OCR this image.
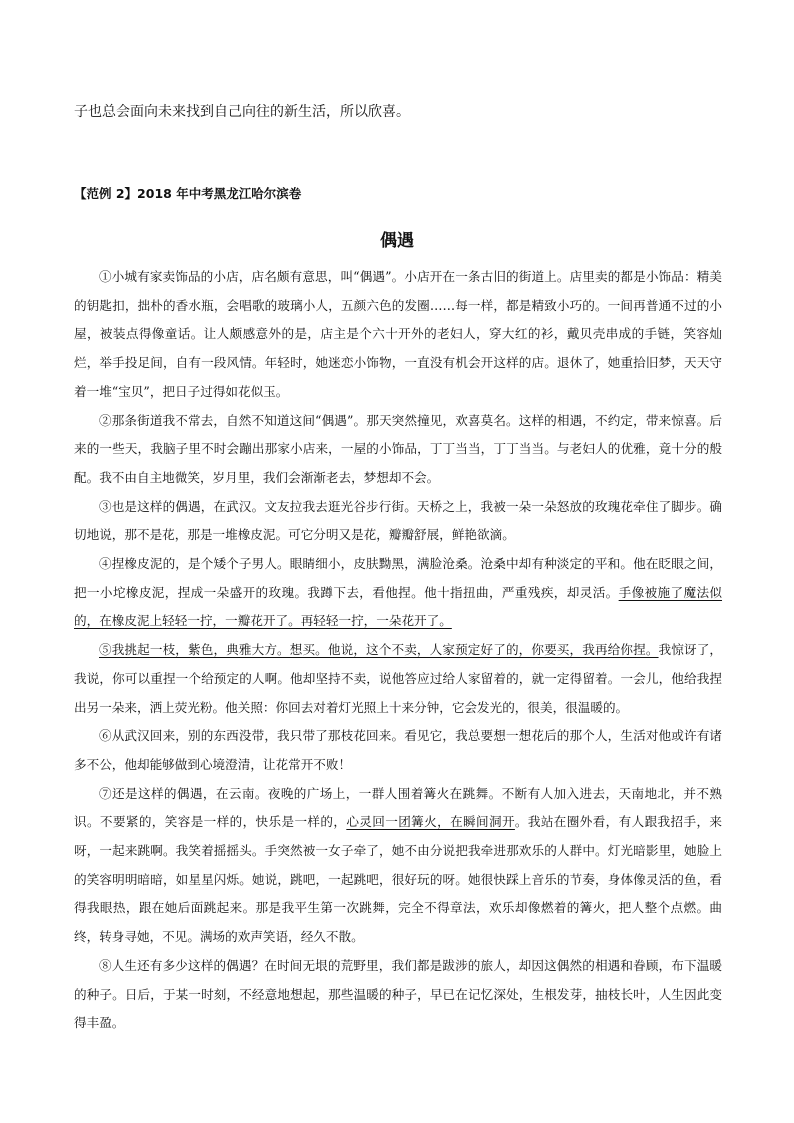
子也总会面向未来找到自己向往的新生活，所以欣喜。
【范例 2】2018 年中考黑龙江哈尔滨卷
偶遇

①小城有家卖饰品的小店，店名颇有意思，叫“偶遇”。小店开在一条古旧的街道上。店里卖的都是小饰品：精美的钥匙扣，拙朴的香水瓶，会唱歌的玻璃小人，五颜六色的发圈……每一样，都是精致小巧的。一间再普通不过的小屋，被装点得像童话。让人颇感意外的是，店主是个六十开外的老妇人，穿大红的衫，戴贝壳串成的手链，笑容灿烂，举手投足间，自有一段风情。年轻时，她迷恋小饰物，一直没有机会开这样的店。退休了，她重拾旧梦，天天守着一堆“宝贝”，把日子过得如花似玉。

②那条街道我不常去，自然不知道这间“偶遇”。那天突然撞见，欢喜莫名。这样的相遇，不约定，带来惊喜。后来的一些天，我脑子里不时会蹦出那家小店来，一屋的小饰品，丁丁当当，丁丁当当。与老妇人的优雅，竟十分的般配。我不由自主地微笑，岁月里，我们会渐渐老去，梦想却不会。

③也是这样的偶遇，在武汉。文友拉我去逛光谷步行街。天桥之上，我被一朵一朵怒放的玫瑰花牵住了脚步。确切地说，那不是花，那是一堆橡皮泥。可它分明又是花，瓣瓣舒展，鲜艳欲滴。

④捏橡皮泥的，是个矮个子男人。眼睛细小，皮肤黝黑，满脸沧桑。沧桑中却有种淡定的平和。他在眨眼之间，把一小坨橡皮泥，捏成一朵盛开的玫瑰。我蹲下去，看他捏。他十指扭曲，严重残疾，却灵活。手像被施了魔法似的，在橡皮泥上轻轻一拧，一瓣花开了。再轻轻一拧，一朵花开了。

⑤我挑起一枝，紫色，典雅大方。想买。他说，这个不卖，人家预定好了的，你要买，我再给你捏。我惊讶了，我说，你可以重捏一个给预定的人啊。他却坚持不卖，说他答应过给人家留着的，就一定得留着。一会儿，他给我捏出另一朵来，洒上荧光粉。他关照：你回去对着灯光照上十来分钟，它会发光的，很美，很温暖的。

⑥从武汉回来，别的东西没带，我只带了那枝花回来。看见它，我总要想一想花后的那个人，生活对他或许有诸多不公，他却能够做到心境澄清，让花常开不败！

⑦还是这样的偶遇，在云南。夜晚的广场上，一群人围着篝火在跳舞。不断有人加入进去，天南地北，并不熟识。不要紧的，笑容是一样的，快乐是一样的，心灵回一团篝火，在瞬间洞开。我站在圈外看，有人跟我招手，来呀，一起来跳啊。我笑着摇摇头。手突然被一女子牵了，她不由分说把我牵进那欢乐的人群中。灯光暗影里，她脸上的笑容明明暗暗，如星星闪烁。她说，跳吧，一起跳吧，很好玩的呀。她很快踩上音乐的节奏，身体像灵活的鱼，看得我眼热，跟在她后面跳起来。那是我平生第一次跳舞，完全不得章法，欢乐却像燃着的篝火，把人整个点燃。曲终，转身寻她，不见。满场的欢声笑语，经久不散。

⑧人生还有多少这样的偶遇？在时间无垠的荒野里，我们都是跋涉的旅人，却因这偶然的相遇和眷顾，布下温暖的种子。日后，于某一时刻，不经意地想起，那些温暖的种子，早已在记忆深处，生根发芽，抽枝长叶，人生因此变得丰盈。
